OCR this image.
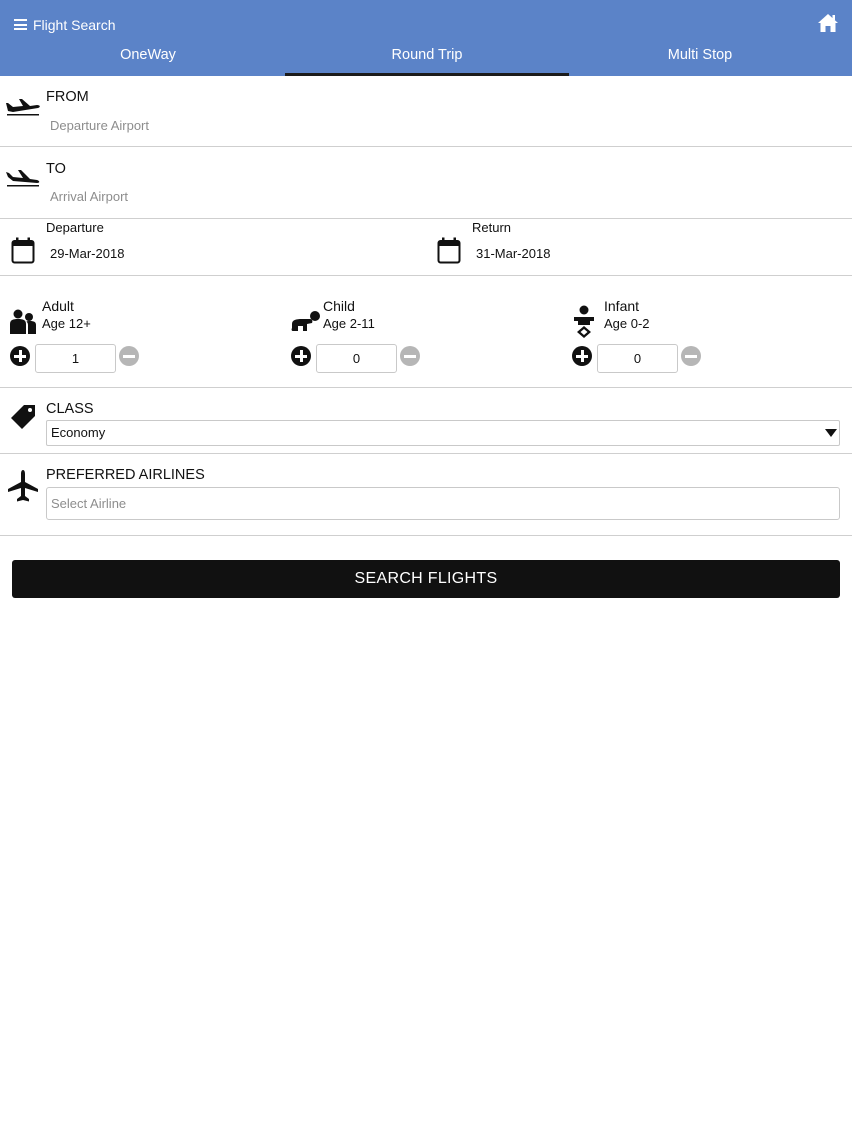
Flight Search
OneWay	Round Trip	Multi Stop
FROM
Departure Airport
TO
Arrival Airport
Departure
29-Mar-2018
Return
31-Mar-2018
Adult
Age 12+
1
Child
Age 2-11
0
Infant
Age 0-2
0
CLASS
Economy
PREFERRED AIRLINES
Select Airline
SEARCH FLIGHTS
